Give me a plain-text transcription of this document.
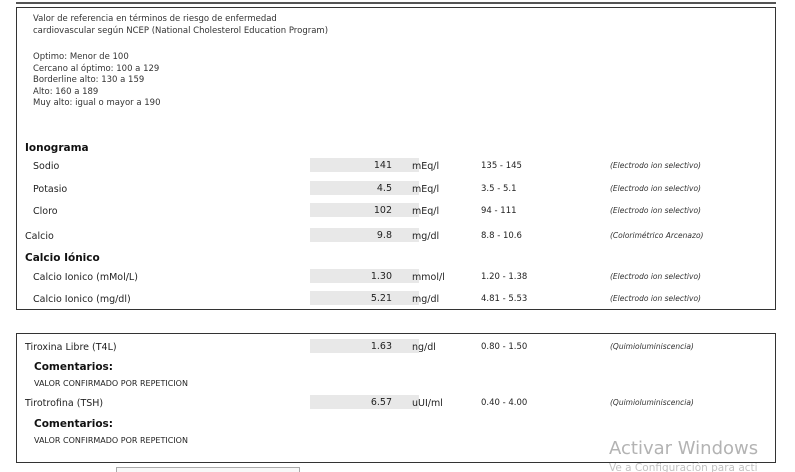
Valor de referencia en términos de riesgo de enfermedad
cardiovascular según NCEP (National Cholesterol Education Program)
Optimo: Menor de 100
Cercano al óptimo: 100 a 129
Borderline alto: 130 a 159
Alto: 160 a 189
Muy alto: igual o mayor a 190
Ionograma
Sodio	141 mEq/l	135 - 145	(Electrodo ion selectivo)
Potasio	4.5 mEq/l	3.5 - 5.1	(Electrodo ion selectivo)
Cloro	102 mEq/l	94 - 111	(Electrodo ion selectivo)
Calcio	9.8 mg/dl	8.8 - 10.6	(Colorimétrico Arcenazo)
Calcio Iónico
Calcio Ionico (mMol/L)	1.30 mmol/l	1.20 - 1.38	(Electrodo ion selectivo)
Calcio Ionico (mg/dl)	5.21 mg/dl	4.81 - 5.53	(Electrodo ion selectivo)
Tiroxina Libre (T4L)	1.63 ng/dl	0.80 - 1.50	(Quimioluminiscencia)
Comentarios:
VALOR CONFIRMADO POR REPETICION
Tirotrofina (TSH)	6.57 uUI/ml	0.40 - 4.00	(Quimioluminiscencia)
Comentarios:
VALOR CONFIRMADO POR REPETICION	Activar Windows
Ve a Configuración para acti
